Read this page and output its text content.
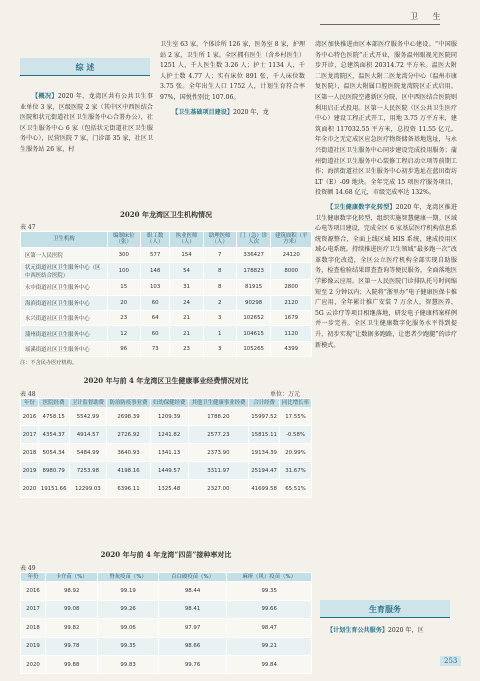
卫 生
综 述

【概况】2020 年，龙湾区共有公共卫生事业单位 3 家，区级医院 2 家（其中区中西医结合医院和状元街道社区卫生服务中心合署办公），社区卫生服务中心 6 家（包括状元街道社区卫生服务中心），民营医院 7 家，门诊部 35 家，社区卫生服务站 26 家，村

卫生室 63 家，个体诊所 126 家，医务室 8 家，护理站 2 家，卫生所 1 家。全区拥有医生（含乡村医生）1251 人，千人医生数 3.26 人；护士 1134 人，千人护士数 4.77 人；实有床位 891 张，千人床位数 3.75 张。全年出生人口 1752 人，计划生育符合率 97%，国悦性别比 107.06。

【卫生基础项目建设】2020 年，龙

湾区加快推进由区本部医疗服务中心建设。“中国服务中心特色医院”正式开业，服务温州眼视光医院同步开诊，总建筑面积 20314.72 平方米。温医大附二医龙湾院区，温医大附二医龙湾分中心（温州市康复医院），温医大附属口腔医院龙湾院区正式启用。区第一人民医院空港新区分院、区中西医结合医院则利用启正式投用。区第一人民医院（区公共卫生医疗中心）建设工程正式开工，用地 3.75 万平方米，建筑面积 117032.55 平方米，总投资 11.55 亿元。年全市之无定成区应急医疗物资储备基地选址，与永兴街道社区卫生服务中心同步建设完成投用服务；蒲州街道社区卫生服务中心装修工程启动立项等前期工作；海滨街道社区卫生服务中心初步选址在蓝田街坊 LT（E）-09 地块。全年完成 15 项医疗服务项目，投资额 14.68 亿元，市级完成率达 132%。

【卫生健康数字化转型】2020 年，龙湾区推进卫生健康数字化转型，组织实施智慧健康一期。区域心电等项目建设，完成全区 6 家基层医疗机构信息系统资源整合，全面上线区域 HIS 系统，建成投用区域心电系统。持续推进医疗卫生领域“最多跑一次”改革数字化改造，全区公立医疗机构全部实现自助服务，检查检验结果即查查询等便民服务，全面落地医学影像云应用。区第一人民医院门诊排队托号时间缩短至 2 分钟以内；入院将“浙里办”电子健康医保卡推广应用，全年累计推广安装 7 万余人，智慧医养、5G 云诊疗等项目相继落地，研发电子健康档案样例并一步完善。全区卫生健康数字化服务水平得到提升，初步实现“让数据多跑路，让患者少跑腿”的诊疗新模式。

生育服务

【计划生育公共服务】2020 年，区

2020 年龙湾区卫生机构情况
表 47
卫生机构	编制床位（张）	职工数（人）	执业医师（人）	助理医师（人）	门（急）诊人次	建筑面积（平方米）
区第一人民医院	300	577	154	7	336427	24120
状元街道社区卫生服务中心（区中西医结合医院）	100	148	54	8	178823	8000
永中街道社区卫生服务中心	15	103	31	8	81915	2800
海滨街道社区卫生服务中心	20	60	24	2	90298	2120
永兴街道社区卫生服务中心	23	64	21	3	102652	1679
蒲州街道社区卫生服务中心	12	60	21	1	104615	1120
瑶溪街道社区卫生服务中心	96	73	23	3	105265	4399
注：不含民办医疗机构。
2020 年与前 4 年龙湾区卫生健康事业经费情况对比
表 48	单位：万元
年份	医院经费	卫计监督助费	防治防疫事业费	妇幼保健经费	其他卫生健康事业经费	合计经费	同比增长率
2016	4758.15	5542.99	2698.39	1209.39	1788.20	15997.52	17.55%
2017	4354.37	4914.57	2726.92	1241.82	2577.23	15815.11	-0.58%
2018	5054.34	5484.99	3640.93	1341.13	2373.90	19134.39	20.99%
2019	8980.79	7253.98	4198.16	1449.57	3311.97	25194.47	31.67%
2020	19151.66	12299.03	6396.11	1325.48	2327.00	41699.58	65.51%
2020 年与前 4 年龙湾“四苗”接种率对比
表 49
年份	卡介苗（%）	脊灰疫苗（%）	百白破疫苗（%）	麻疹（风）疫苗（%）
2016	98.92	99.19	98.44	99.35
2017	99.08	99.26	98.41	99.66
2018	99.82	99.06	97.97	98.47
2019	99.78	99.35	98.66	99.21
2020	99.88	99.83	99.76	99.84	253
